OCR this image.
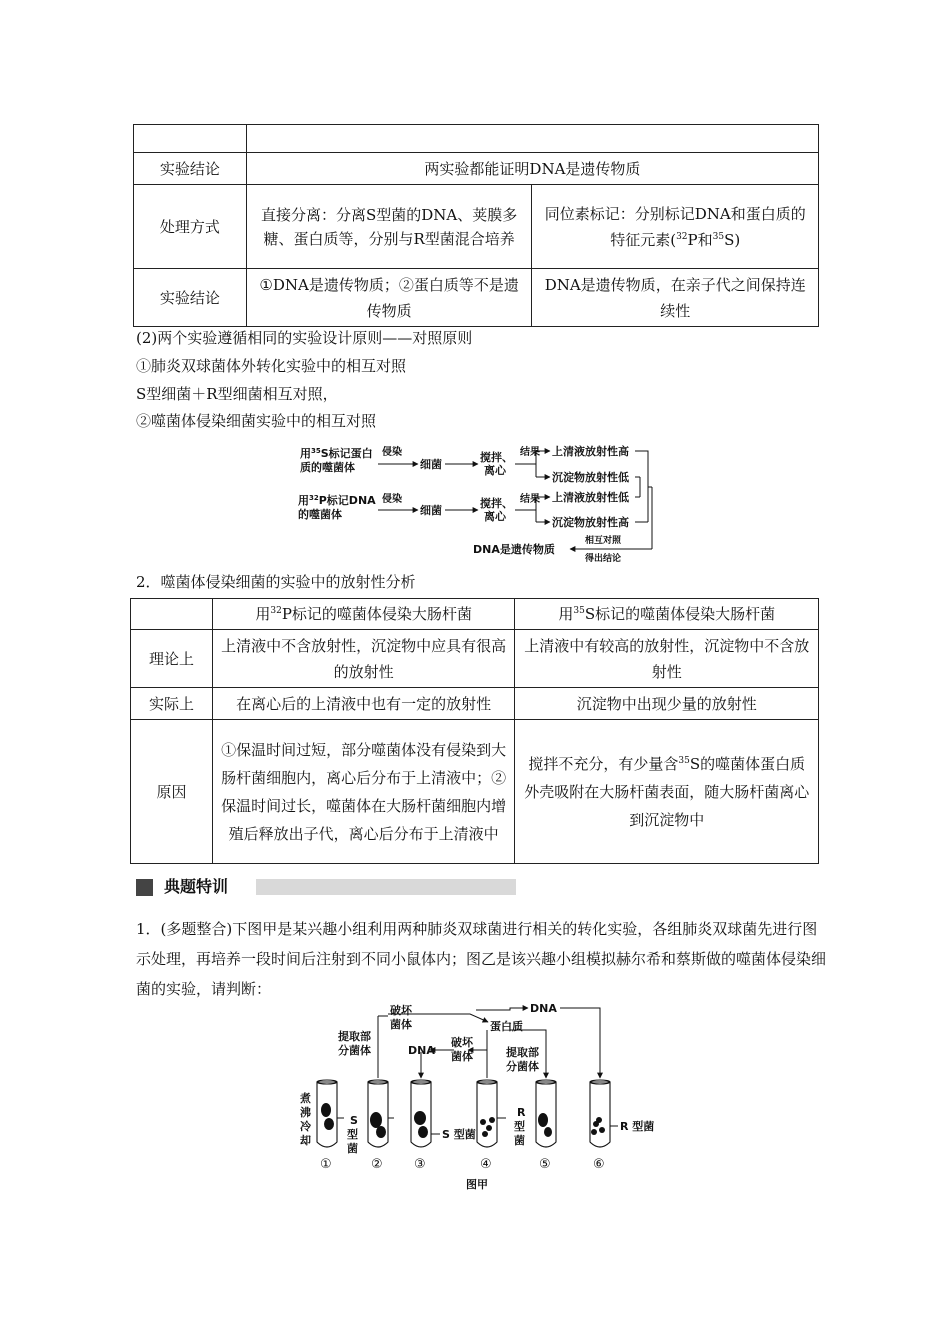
实验结论	两实验都能证明DNA是遗传物质	
处理方式	直接分离：分离S型菌的DNA、荚膜多糖、蛋白质等，分别与R型菌混合培养	同位素标记：分别标记DNA和蛋白质的特征元素($^{32}$P和$^{35}$S)
实验结论	①DNA是遗传物质；②蛋白质等不是遗传物质	DNA是遗传物质，在亲子代之间保持连续性
(2)两个实验遵循相同的实验设计原则——对照原则
①肺炎双球菌体外转化实验中的相互对照
S型细菌＋R型细菌相互对照，
②噬菌体侵染细菌实验中的相互对照
用$^{35}$S标记蛋白
质的噬菌体
侵染
细菌
搅拌、
离心
结果 上清液放射性高
沉淀物放射性低
用$^{32}$P标记DNA
的噬菌体
侵染
细菌
搅拌、
离心
结果 上清液放射性低
沉淀物放射性高
DNA是遗传物质
相互对照
得出结论
2．噬菌体侵染细菌的实验中的放射性分析
	用$^{32}$P标记的噬菌体侵染大肠杆菌	用$^{35}$S标记的噬菌体侵染大肠杆菌
理论上	上清液中不含放射性，沉淀物中应具有很高的放射性	上清液中有较高的放射性，沉淀物中不含放射性
实际上	在离心后的上清液中也有一定的放射性	沉淀物中出现少量的放射性
原因	①保温时间过短，部分噬菌体没有侵染到大肠杆菌细胞内，离心后分布于上清液中；②保温时间过长，噬菌体在大肠杆菌细胞内增殖后释放出子代，离心后分布于上清液中	搅拌不充分，有少量含$^{35}$S的噬菌体蛋白质外壳吸附在大肠杆菌表面，随大肠杆菌离心到沉淀物中
典题特训
1．(多题整合)下图甲是某兴趣小组利用两种肺炎双球菌进行相关的转化实验，各组肺炎双球菌先进行图示处理，再培养一段时间后注射到不同小鼠体内；图乙是该兴趣小组模拟赫尔希和蔡斯做的噬菌体侵染细菌的实验，请判断：
提取部
分菌体
破坏
菌体
DNA
蛋白质
DNA
破坏
菌体	提取部
分菌体
煮
沸
冷
却
S
型
菌
S 型菌
R
型
菌
R 型菌
①	② ③	④	⑤	⑥
图甲
